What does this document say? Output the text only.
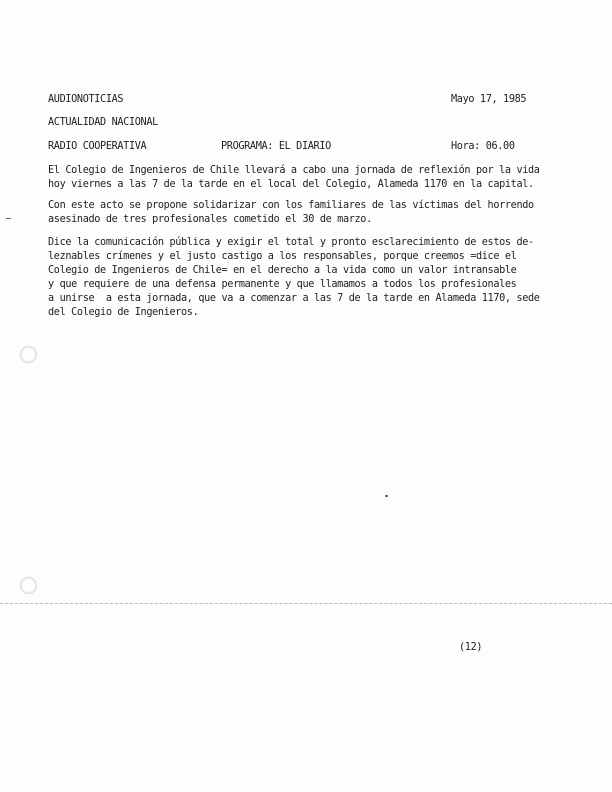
AUDIONOTICIAS	Mayo 17, 1985
ACTUALIDAD NACIONAL
RADIO COOPERATIVA	PROGRAMA: EL DIARIO	Hora: 06.00
El Colegio de Ingenieros de Chile llevará a cabo una jornada de reflexión por la vida
hoy viernes a las 7 de la tarde en el local del Colegio, Alameda 1170 en la capital.
Con este acto se propone solidarizar con los familiares de las víctimas del horrendo
asesinado de tres profesionales cometido el 30 de marzo.
Dice la comunicación pública y exigir el total y pronto esclarecimiento de estos de-
leznables crímenes y el justo castigo a los responsables, porque creemos =dice el
Colegio de Ingenieros de Chile= en el derecho a la vida como un valor intransable
y que requiere de una defensa permanente y que llamamos a todos los profesionales
a unirse  a esta jornada, que va a comenzar a las 7 de la tarde en Alameda 1170, sede
del Colegio de Ingenieros.
(12)
